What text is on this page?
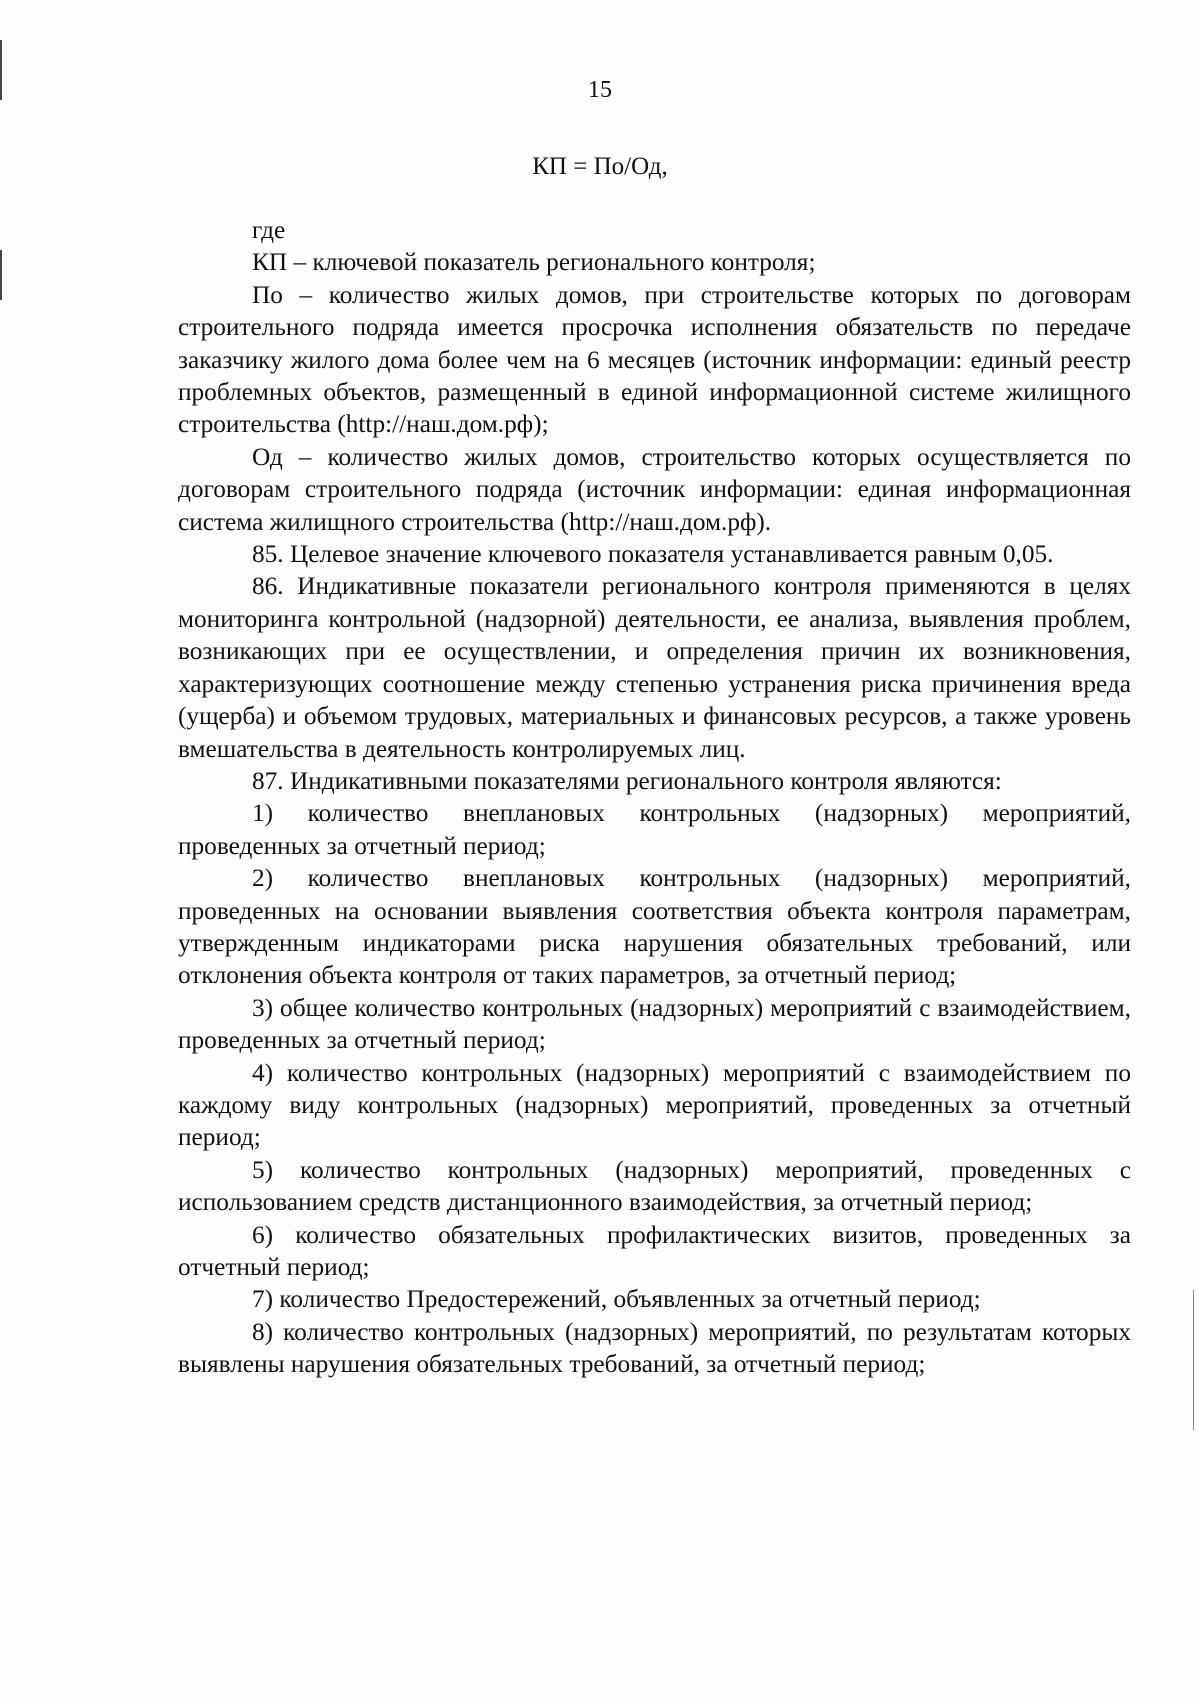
15
КП = По/Од,

где

КП – ключевой показатель регионального контроля;

По – количество жилых домов, при строительстве которых по договорам строительного подряда имеется просрочка исполнения обязательств по передаче заказчику жилого дома более чем на 6 месяцев (источник информации: единый реестр проблемных объектов, размещенный в единой информационной системе жилищного строительства (http://наш.дом.рф);

Од – количество жилых домов, строительство которых осуществляется по договорам строительного подряда (источник информации: единая информационная система жилищного строительства (http://наш.дом.рф).

85. Целевое значение ключевого показателя устанавливается равным 0,05.

86. Индикативные показатели регионального контроля применяются в целях мониторинга контрольной (надзорной) деятельности, ее анализа, выявления проблем, возникающих при ее осуществлении, и определения причин их возникновения, характеризующих соотношение между степенью устранения риска причинения вреда (ущерба) и объемом трудовых, материальных и финансовых ресурсов, а также уровень вмешательства в деятельность контролируемых лиц.

87. Индикативными показателями регионального контроля являются:

1) количество внеплановых контрольных (надзорных) мероприятий, проведенных за отчетный период;

2) количество внеплановых контрольных (надзорных) мероприятий, проведенных на основании выявления соответствия объекта контроля параметрам, утвержденным индикаторами риска нарушения обязательных требований, или отклонения объекта контроля от таких параметров, за отчетный период;

3) общее количество контрольных (надзорных) мероприятий с взаимодействием, проведенных за отчетный период;

4) количество контрольных (надзорных) мероприятий с взаимодействием по каждому виду контрольных (надзорных) мероприятий, проведенных за отчетный период;

5) количество контрольных (надзорных) мероприятий, проведенных с использованием средств дистанционного взаимодействия, за отчетный период;

6) количество обязательных профилактических визитов, проведенных за отчетный период;

7) количество Предостережений, объявленных за отчетный период;

8) количество контрольных (надзорных) мероприятий, по результатам которых выявлены нарушения обязательных требований, за отчетный период;
